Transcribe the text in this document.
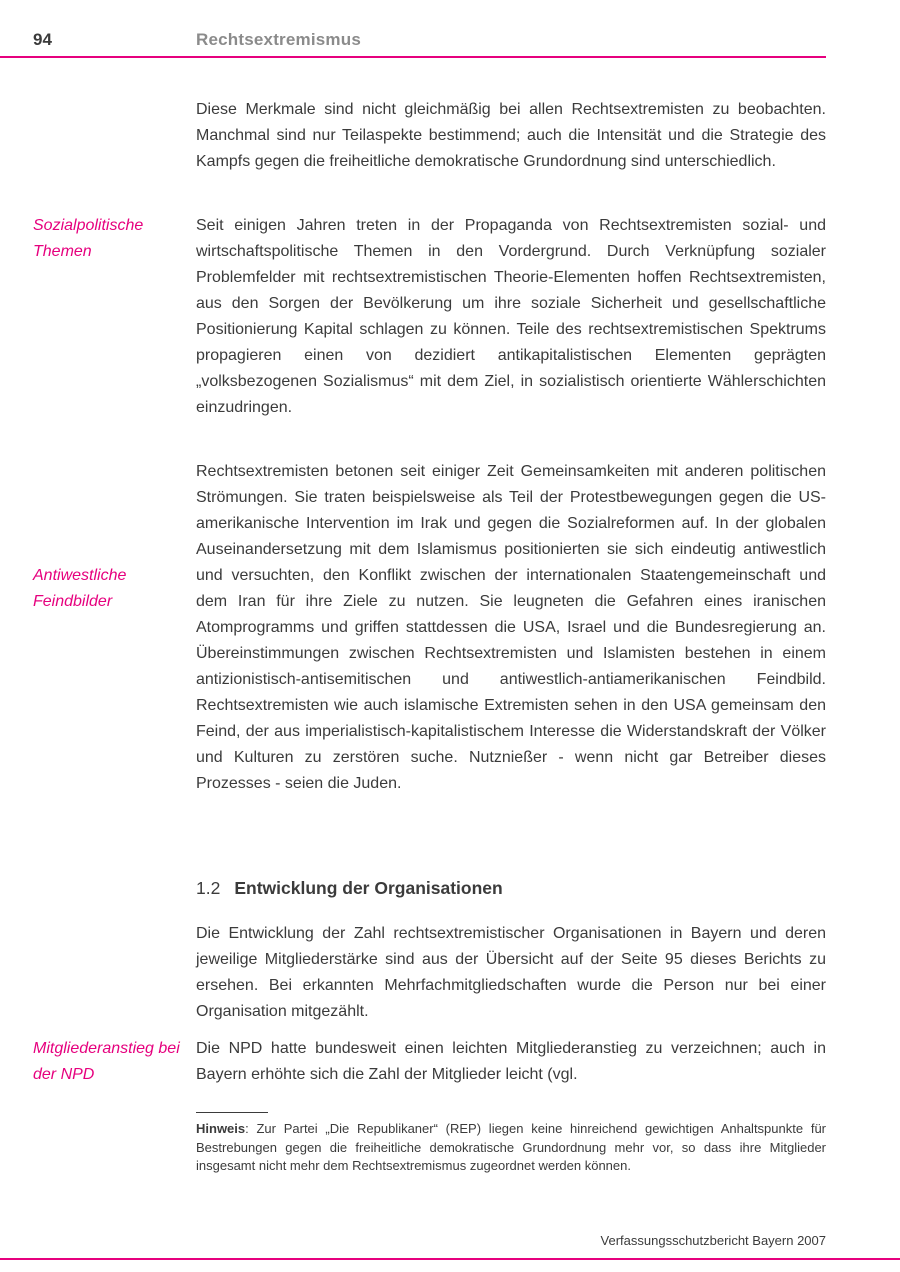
94	Rechtsextremismus
Sozialpolitische Themen
Antiwestliche Feindbilder
Mitgliederanstieg bei der NPD

Diese Merkmale sind nicht gleichmäßig bei allen Rechtsextremisten zu beobachten. Manchmal sind nur Teilaspekte bestimmend; auch die Intensität und die Strategie des Kampfs gegen die freiheitliche demokratische Grundordnung sind unterschiedlich.

Seit einigen Jahren treten in der Propaganda von Rechtsextremisten sozial- und wirtschaftspolitische Themen in den Vordergrund. Durch Verknüpfung sozialer Problemfelder mit rechtsextremistischen Theorie-Elementen hoffen Rechtsextremisten, aus den Sorgen der Bevölkerung um ihre soziale Sicherheit und gesellschaftliche Positionierung Kapital schlagen zu können. Teile des rechtsextremistischen Spektrums propagieren einen von dezidiert antikapitalistischen Elementen geprägten „volksbezogenen Sozialismus“ mit dem Ziel, in sozialistisch orientierte Wählerschichten einzudringen.

Rechtsextremisten betonen seit einiger Zeit Gemeinsamkeiten mit anderen politischen Strömungen. Sie traten beispielsweise als Teil der Protestbewegungen gegen die US-amerikanische Intervention im Irak und gegen die Sozialreformen auf. In der globalen Auseinandersetzung mit dem Islamismus positionierten sie sich eindeutig antiwestlich und versuchten, den Konflikt zwischen der internationalen Staatengemeinschaft und dem Iran für ihre Ziele zu nutzen. Sie leugneten die Gefahren eines iranischen Atomprogramms und griffen stattdessen die USA, Israel und die Bundesregierung an. Übereinstimmungen zwischen Rechtsextremisten und Islamisten bestehen in einem antizionistisch-antisemitischen und antiwestlich-antiamerikanischen Feindbild. Rechtsextremisten wie auch islamische Extremisten sehen in den USA gemeinsam den Feind, der aus imperialistisch-kapitalistischem Interesse die Widerstandskraft der Völker und Kulturen zu zerstören suche. Nutznießer - wenn nicht gar Betreiber dieses Prozesses - seien die Juden.

1.2 Entwicklung der Organisationen

Die Entwicklung der Zahl rechtsextremistischer Organisationen in Bayern und deren jeweilige Mitgliederstärke sind aus der Übersicht auf der Seite 95 dieses Berichts zu ersehen. Bei erkannten Mehrfachmitgliedschaften wurde die Person nur bei einer Organisation mitgezählt.

Die NPD hatte bundesweit einen leichten Mitgliederanstieg zu verzeichnen; auch in Bayern erhöhte sich die Zahl der Mitglieder leicht (vgl.

Hinweis: Zur Partei „Die Republikaner“ (REP) liegen keine hinreichend gewichtigen Anhaltspunkte für Bestrebungen gegen die freiheitliche demokratische Grundordnung mehr vor, so dass ihre Mitglieder insgesamt nicht mehr dem Rechtsextremismus zugeordnet werden können.

Verfassungsschutzbericht Bayern 2007
